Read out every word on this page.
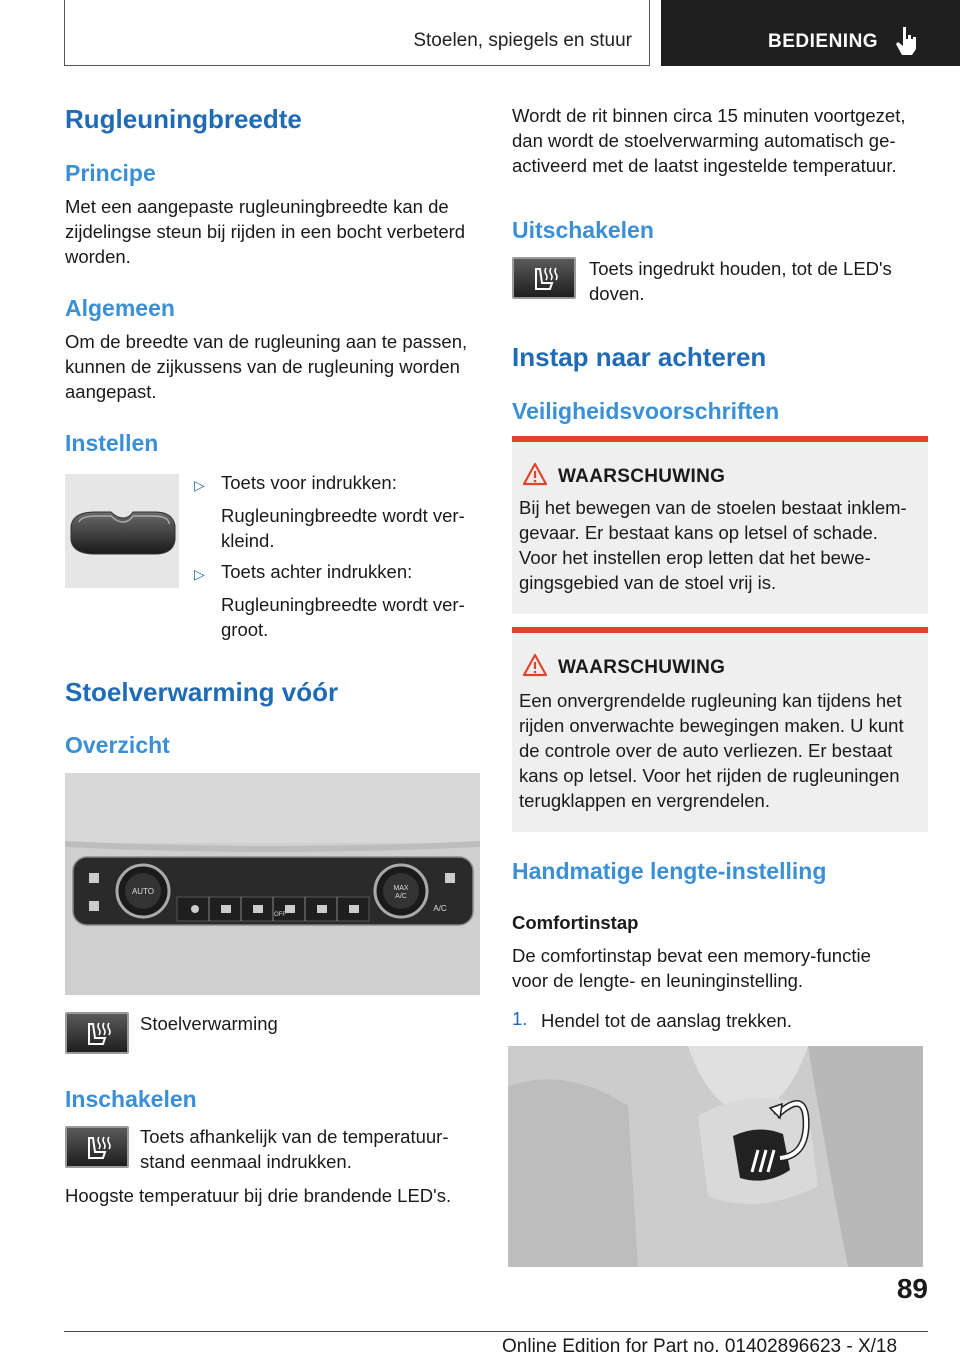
Stoelen, spiegels en stuur	BEDIENING
Rugleuningbreedte
Principe
Met een aangepaste rugleuningbreedte kan de
zijdelingse steun bij rijden in een bocht verbeterd
worden.
Algemeen
Om de breedte van de rugleuning aan te passen,
kunnen de zijkussens van de rugleuning worden
aangepast.
Instellen
▷ Toets voor indrukken:
Rugleuningbreedte wordt ver-
kleind.
▷ Toets achter indrukken:
Rugleuningbreedte wordt ver-
groot.
Stoelverwarming vóór
Overzicht
AUTO	MAX
A/C
A/C
OFF
Stoelverwarming
Inschakelen
Toets afhankelijk van de temperatuur-
stand eenmaal indrukken.
Hoogste temperatuur bij drie brandende LED's.
Wordt de rit binnen circa 15 minuten voortgezet,
dan wordt de stoelverwarming automatisch ge-
activeerd met de laatst ingestelde temperatuur.
Uitschakelen
Toets ingedrukt houden, tot de LED's
doven.
Instap naar achteren
Veiligheidsvoorschriften
WAARSCHUWING
Bij het bewegen van de stoelen bestaat inklem-
gevaar. Er bestaat kans op letsel of schade.
Voor het instellen erop letten dat het bewe-
gingsgebied van de stoel vrij is.
WAARSCHUWING
Een onvergrendelde rugleuning kan tijdens het
rijden onverwachte bewegingen maken. U kunt
de controle over de auto verliezen. Er bestaat
kans op letsel. Voor het rijden de rugleuningen
terugklappen en vergrendelen.
Handmatige lengte-instelling
Comfortinstap
De comfortinstap bevat een memory-functie
voor de lengte- en leuninginstelling.
1. Hendel tot de aanslag trekken.
89
Online Edition for Part no. 01402896623 - X/18
